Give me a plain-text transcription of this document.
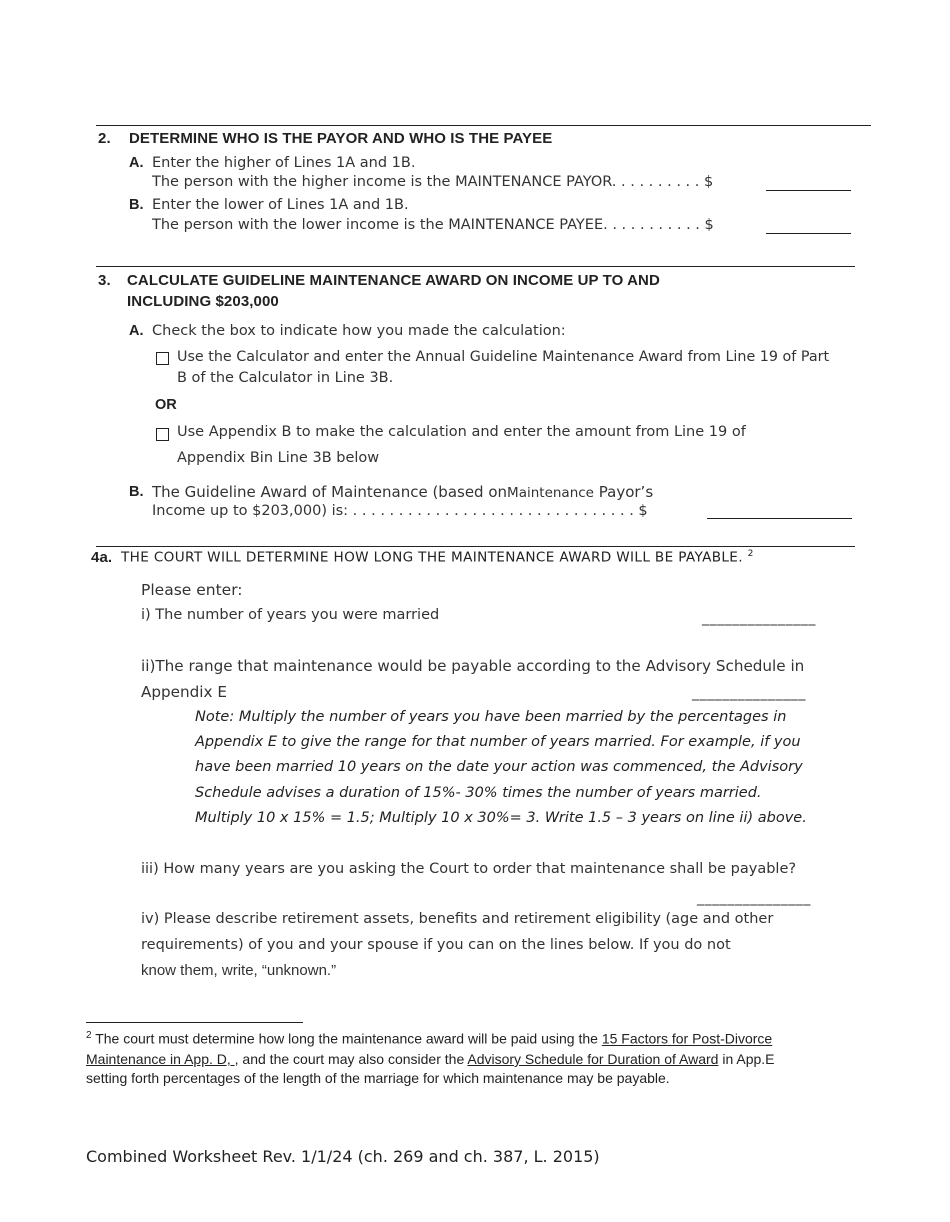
2. DETERMINE WHO IS THE PAYOR AND WHO IS THE PAYEE
A. Enter the higher of Lines 1A and 1B.
The person with the higher income is the MAINTENANCE PAYOR. . . . . . . . . . $
B. Enter the lower of Lines 1A and 1B.
The person with the lower income is the MAINTENANCE PAYEE. . . . . . . . . . . $
3. CALCULATE GUIDELINE MAINTENANCE AWARD ON INCOME UP TO AND
INCLUDING $203,000
A. Check the box to indicate how you made the calculation:
Use the Calculator and enter the Annual Guideline Maintenance Award from Line 19 of Part
B of the Calculator in Line 3B.
OR
Use Appendix B to make the calculation and enter the amount from Line 19 of
Appendix Bin Line 3B below
B. The Guideline Award of Maintenance (based onMaintenance Payor’s
Income up to $203,000) is: . . . . . . . . . . . . . . . . . . . . . . . . . . . . . . . $
4a. THE COURT WILL DETERMINE HOW LONG THE MAINTENANCE AWARD WILL BE PAYABLE. $^2$
Please enter:
i) The number of years you were married	_______________
ii)The range that maintenance would be payable according to the Advisory Schedule in
Appendix E	_______________
Note: Multiply the number of years you have been married by the percentages in
Appendix E to give the range for that number of years married. For example, if you
have been married 10 years on the date your action was commenced, the Advisory
Schedule advises a duration of 15%- 30% times the number of years married.
Multiply 10 x 15% = 1.5; Multiply 10 x 30%= 3. Write 1.5 – 3 years on line ii) above.
iii) How many years are you asking the Court to order that maintenance shall be payable?
_______________
iv) Please describe retirement assets, benefits and retirement eligibility (age and other
requirements) of you and your spouse if you can on the lines below. If you do not
know them, write, “unknown.”
$^2$ The court must determine how long the maintenance award will be paid using the 15 Factors for Post-Divorce
Maintenance in App. D, , and the court may also consider the Advisory Schedule for Duration of Award in App.E
setting forth percentages of the length of the marriage for which maintenance may be payable.
Combined Worksheet Rev. 1/1/24 (ch. 269 and ch. 387, L. 2015)
